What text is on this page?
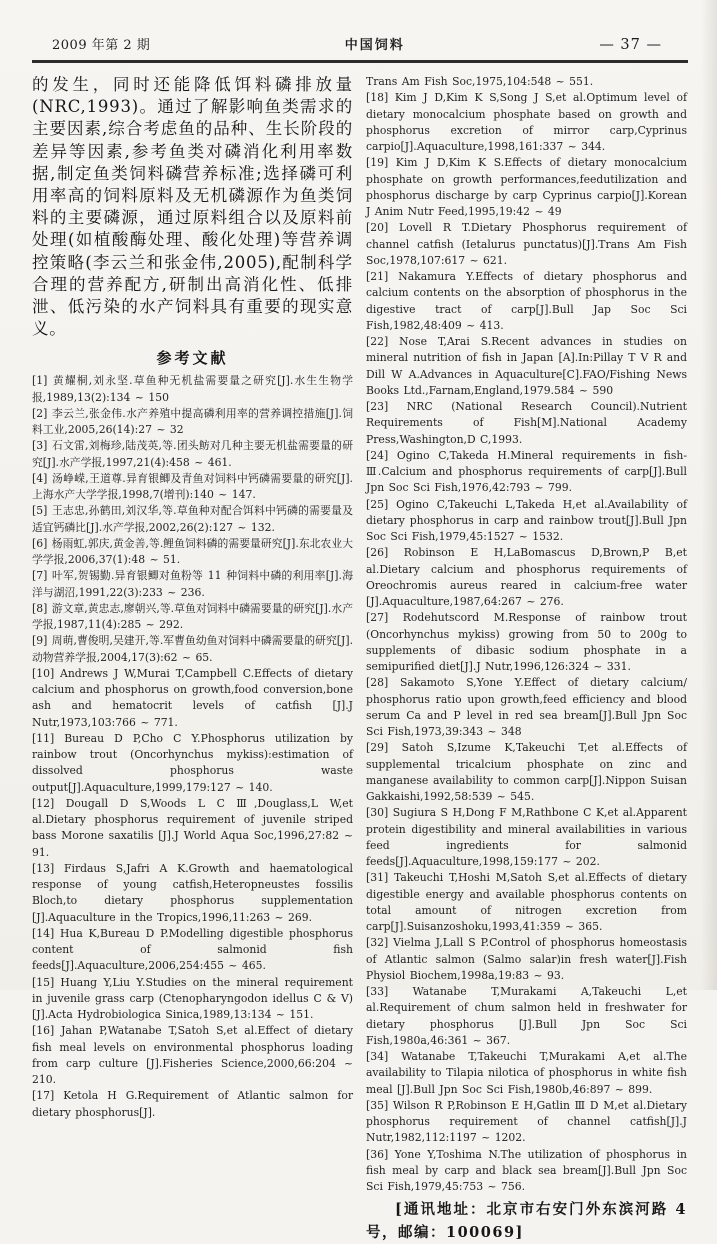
2009 年第 2 期	中国饲料	— 37 —

的发生，同时还能降低饵料磷排放量(NRC,1993)。通过了解影响鱼类需求的主要因素,综合考虑鱼的品种、生长阶段的差异等因素,参考鱼类对磷消化利用率数据,制定鱼类饲料磷营养标准;选择磷可利用率高的饲料原料及无机磷源作为鱼类饲料的主要磷源，通过原料组合以及原料前处理(如植酸酶处理、酸化处理)等营养调控策略(李云兰和张金伟,2005),配制科学合理的营养配方,研制出高消化性、低排泄、低污染的水产饲料具有重要的现实意义。

参考文献

[1] 黄耀桐,刘永坚.草鱼种无机盐需要量之研究[J].水生生物学报,1989,13(2):134 ~ 150

[2] 李云兰,张金伟.水产养殖中提高磷利用率的营养调控措施[J].饲料工业,2005,26(14):27 ~ 32

[3] 石文雷,刘梅珍,陆茂英,等.团头鲂对几种主要无机盐需要量的研究[J].水产学报,1997,21(4):458 ~ 461.

[4] 汤峥嵘,王道尊.异育银鲫及青鱼对饲料中钙磷需要量的研究[J].上海水产大学学报,1998,7(增刊):140 ~ 147.

[5] 王志忠,孙鹤田,刘汉华,等.草鱼种对配合饵料中钙磷的需要量及适宜钙磷比[J].水产学报,2002,26(2):127 ~ 132.

[6] 杨雨虹,郭庆,黄金善,等.鲤鱼饲料磷的需要量研究[J].东北农业大学学报,2006,37(1):48 ~ 51.

[7] 叶军,贺锡勤.异育银鲫对鱼粉等 11 种饲料中磷的利用率[J].海洋与湖沼,1991,22(3):233 ~ 236.

[8] 游文章,黄忠志,廖朝兴,等.草鱼对饲料中磷需要量的研究[J].水产学报,1987,11(4):285 ~ 292.

[9] 周萌,曹俊明,吴建开,等.军曹鱼幼鱼对饲料中磷需要量的研究[J].动物营养学报,2004,17(3):62 ~ 65.

[10] Andrews J W,Murai T,Campbell C.Effects of dietary calcium and phosphorus on growth,food conversion,bone ash and hematocrit levels of catfish [J].J Nutr,1973,103:766 ~ 771.

[11] Bureau D P,Cho C Y.Phosphorus utilization by rainbow trout (Oncorhynchus mykiss):estimation of dissolved phosphorus waste output[J].Aquaculture,1999,179:127 ~ 140.

[12] Dougall D S,Woods L C Ⅲ,Douglass,L W,et al.Dietary phosphorus requirement of juvenile striped bass Morone saxatilis [J].J World Aqua Soc,1996,27:82 ~ 91.

[13] Firdaus S,Jafri A K.Growth and haematological response of young catfish,Heteropneustes fossilis Bloch,to dietary phosphorus supplementation [J].Aquaculture in the Tropics,1996,11:263 ~ 269.

[14] Hua K,Bureau D P.Modelling digestible phosphorus content of salmonid fish feeds[J].Aquaculture,2006,254:455 ~ 465.

[15] Huang Y,Liu Y.Studies on the mineral requirement in juvenile grass carp (Ctenopharyngodon idellus C & V)[J].Acta Hydrobiologica Sinica,1989,13:134 ~ 151.

[16] Jahan P,Watanabe T,Satoh S,et al.Effect of dietary fish meal levels on environmental phosphorus loading from carp culture [J].Fisheries Science,2000,66:204 ~ 210.

[17] Ketola H G.Requirement of Atlantic salmon for dietary phosphorus[J].

Trans Am Fish Soc,1975,104:548 ~ 551.

[18] Kim J D,Kim K S,Song J S,et al.Optimum level of dietary monocalcium phosphate based on growth and phosphorus excretion of mirror carp,Cyprinus carpio[J].Aquaculture,1998,161:337 ~ 344.

[19] Kim J D,Kim K S.Effects of dietary monocalcium phosphate on growth performances,feedutilization and phosphorus discharge by carp Cyprinus carpio[J].Korean J Anim Nutr Feed,1995,19:42 ~ 49

[20] Lovell R T.Dietary Phosphorus requirement of channel catfish (Ietalurus punctatus)[J].Trans Am Fish Soc,1978,107:617 ~ 621.

[21] Nakamura Y.Effects of dietary phosphorus and calcium contents on the absorption of phosphorus in the digestive tract of carp[J].Bull Jap Soc Sci Fish,1982,48:409 ~ 413.

[22] Nose T,Arai S.Recent advances in studies on mineral nutrition of fish in Japan [A].In:Pillay T V R and Dill W A.Advances in Aquaculture[C].FAO/Fishing News Books Ltd.,Farnam,England,1979.584 ~ 590

[23] NRC (National Research Council).Nutrient Requirements of Fish[M].National Academy Press,Washington,D C,1993.

[24] Ogino C,Takeda H.Mineral requirements in fish-Ⅲ.Calcium and phosphorus requirements of carp[J].Bull Jpn Soc Sci Fish,1976,42:793 ~ 799.

[25] Ogino C,Takeuchi L,Takeda H,et al.Availability of dietary phosphorus in carp and rainbow trout[J].Bull Jpn Soc Sci Fish,1979,45:1527 ~ 1532.

[26] Robinson E H,LaBomascus D,Brown,P B,et al.Dietary calcium and phosphorus requirements of Oreochromis aureus reared in calcium-free water [J].Aquaculture,1987,64:267 ~ 276.

[27] Rodehutscord M.Response of rainbow trout (Oncorhynchus mykiss) growing from 50 to 200g to supplements of dibasic sodium phosphate in a semipurified diet[J].J Nutr,1996,126:324 ~ 331.

[28] Sakamoto S,Yone Y.Effect of dietary calcium/ phosphorus ratio upon growth,feed efficiency and blood serum Ca and P level in red sea bream[J].Bull Jpn Soc Sci Fish,1973,39:343 ~ 348

[29] Satoh S,Izume K,Takeuchi T,et al.Effects of supplemental tricalcium phosphate on zinc and manganese availability to common carp[J].Nippon Suisan Gakkaishi,1992,58:539 ~ 545.

[30] Sugiura S H,Dong F M,Rathbone C K,et al.Apparent protein digestibility and mineral availabilities in various feed ingredients for salmonid feeds[J].Aquaculture,1998,159:177 ~ 202.

[31] Takeuchi T,Hoshi M,Satoh S,et al.Effects of dietary digestible energy and available phosphorus contents on total amount of nitrogen excretion from carp[J].Suisanzoshoku,1993,41:359 ~ 365.

[32] Vielma J,Lall S P.Control of phosphorus homeostasis of Atlantic salmon (Salmo salar)in fresh water[J].Fish Physiol Biochem,1998a,19:83 ~ 93.

[33] Watanabe T,Murakami A,Takeuchi L,et al.Requirement of chum salmon held in freshwater for dietary phosphorus [J].Bull Jpn Soc Sci Fish,1980a,46:361 ~ 367.

[34] Watanabe T,Takeuchi T,Murakami A,et al.The availability to Tilapia nilotica of phosphorus in white fish meal [J].Bull Jpn Soc Sci Fish,1980b,46:897 ~ 899.

[35] Wilson R P,Robinson E H,Gatlin Ⅲ D M,et al.Dietary phosphorus requirement of channel catfish[J].J Nutr,1982,112:1197 ~ 1202.

[36] Yone Y,Toshima N.The utilization of phosphorus in fish meal by carp and black sea bream[J].Bull Jpn Soc Sci Fish,1979,45:753 ~ 756.

[通讯地址：北京市右安门外东滨河路 4 号，邮编：100069]
